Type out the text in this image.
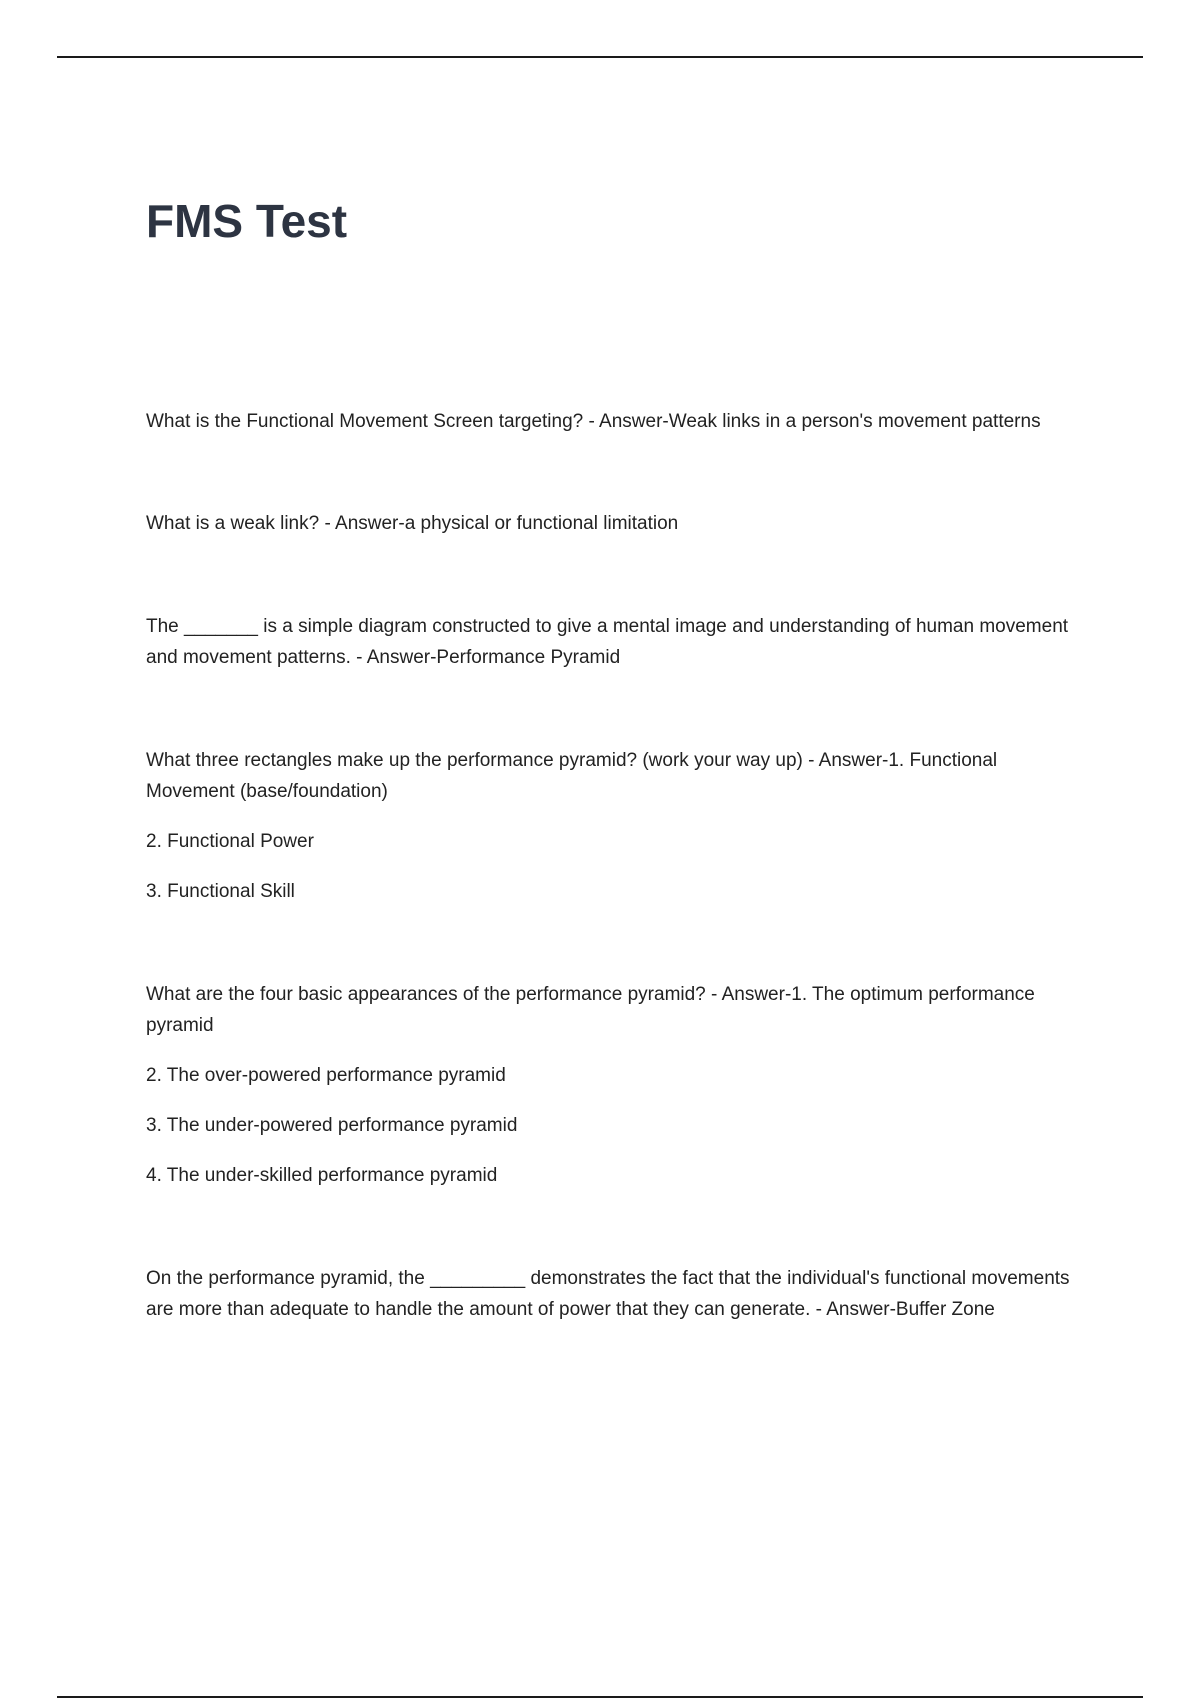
FMS Test

What is the Functional Movement Screen targeting? - Answer-Weak links in a person's movement patterns

What is a weak link? - Answer-a physical or functional limitation

The _______ is a simple diagram constructed to give a mental image and understanding of human movement and movement patterns. - Answer-Performance Pyramid

What three rectangles make up the performance pyramid? (work your way up) - Answer-1. Functional Movement (base/foundation)

2. Functional Power

3. Functional Skill

What are the four basic appearances of the performance pyramid? - Answer-1. The optimum performance pyramid

2. The over-powered performance pyramid

3. The under-powered performance pyramid

4. The under-skilled performance pyramid

On the performance pyramid, the _________ demonstrates the fact that the individual's functional movements are more than adequate to handle the amount of power that they can generate. - Answer-Buffer Zone
